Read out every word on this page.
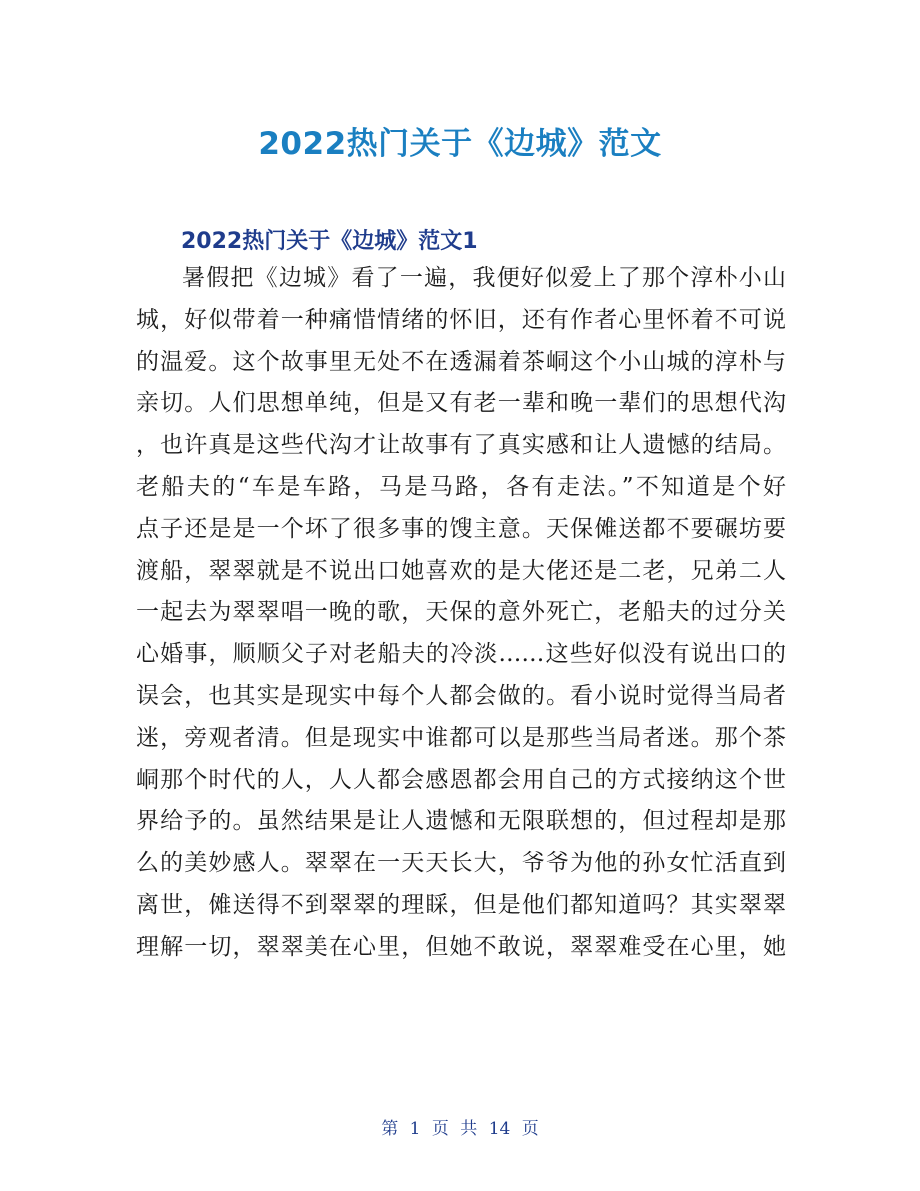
2022热门关于《边城》范文
2022热门关于《边城》范文1
暑假把《边城》看了一遍，我便好似爱上了那个淳朴小山
城，好似带着一种痛惜情绪的怀旧，还有作者心里怀着不可说
的温爱。这个故事里无处不在透漏着茶峒这个小山城的淳朴与
亲切。人们思想单纯，但是又有老一辈和晚一辈们的思想代沟
，也许真是这些代沟才让故事有了真实感和让人遗憾的结局。
老船夫的“车是车路，马是马路，各有走法。”不知道是个好
点子还是是一个坏了很多事的馊主意。天保傩送都不要碾坊要
渡船，翠翠就是不说出口她喜欢的是大佬还是二老，兄弟二人
一起去为翠翠唱一晚的歌，天保的意外死亡，老船夫的过分关
心婚事，顺顺父子对老船夫的冷淡……这些好似没有说出口的
误会，也其实是现实中每个人都会做的。看小说时觉得当局者
迷，旁观者清。但是现实中谁都可以是那些当局者迷。那个茶
峒那个时代的人，人人都会感恩都会用自己的方式接纳这个世
界给予的。虽然结果是让人遗憾和无限联想的，但过程却是那
么的美妙感人。翠翠在一天天长大，爷爷为他的孙女忙活直到
离世，傩送得不到翠翠的理睬，但是他们都知道吗？其实翠翠
理解一切，翠翠美在心里，但她不敢说，翠翠难受在心里，她
第 1 页 共 14 页
